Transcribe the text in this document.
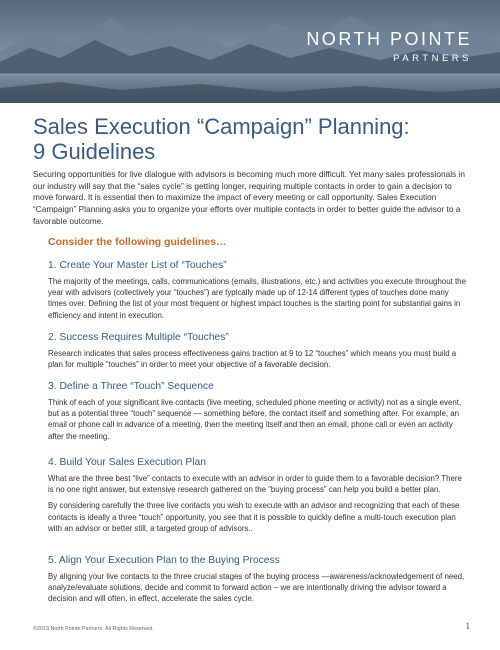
NORTH POINTE
PARTNERS
Sales Execution “Campaign” Planning:
9 Guidelines
Securing opportunities for live dialogue with advisors is becoming much more difficult. Yet many sales professionals in our industry will say that the “sales cycle” is getting longer, requiring multiple contacts in order to gain a decision to move forward. It is essential then to maximize the impact of every meeting or call opportunity. Sales Execution “Campaign” Planning asks you to organize your efforts over multiple contacts in order to better guide the advisor to a favorable outcome.
Consider the following guidelines…
1. Create Your Master List of “Touches”

The majority of the meetings, calls, communications (emails, illustrations, etc.) and activities you execute throughout the year with advisors (collectively your “touches”) are typically made up of 12-14 different types of touches done many times over. Defining the list of your most frequent or highest impact touches is the starting point for substantial gains in efficiency and intent in execution.

2. Success Requires Multiple “Touches”

Research indicates that sales process effectiveness gains traction at 9 to 12 “touches” which means you must build a plan for multiple “touches” in order to meet your objective of a favorable decision.

3. Define a Three “Touch” Sequence

Think of each of your significant live contacts (live meeting, scheduled phone meeting or activity) not as a single event, but as a potential three “touch” sequence — something before, the contact itself and something after. For example, an email or phone call in advance of a meeting, then the meeting itself and then an email, phone call or even an activity after the meeting.

4. Build Your Sales Execution Plan

What are the three best “live” contacts to execute with an advisor in order to guide them to a favorable decision? There is no one right answer, but extensive research gathered on the “buying process” can help you build a better plan.

By considering carefully the three live contacts you wish to execute with an advisor and recognizing that each of these contacts is ideally a three “touch” opportunity, you see that it is possible to quickly define a multi-touch execution plan with an advisor or better still, a targeted group of advisors..

5. Align Your Execution Plan to the Buying Process

By aligning your live contacts to the three crucial stages of the buying process —awareness/acknowledgement of need, analyze/evaluate solutions, decide and commit to forward action – we are intentionally driving the advisor toward a decision and will often, in effect, accelerate the sales cycle.

©2019 North Pointe Partners. All Rights Reserved.	1
